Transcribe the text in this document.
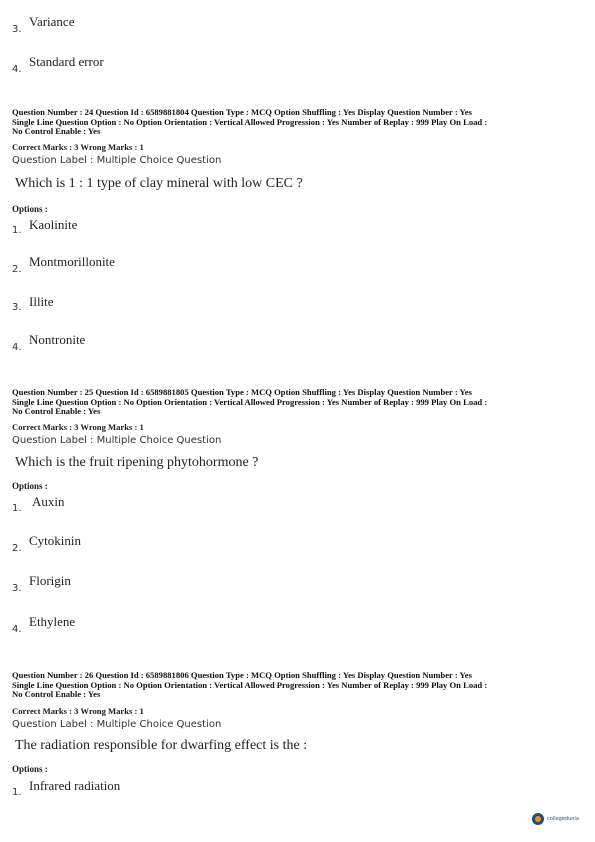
3.
Variance
4.
Standard error
Question Number : 24 Question Id : 6589881804 Question Type : MCQ Option Shuffling : Yes Display Question Number : Yes
Single Line Question Option : No Option Orientation : Vertical Allowed Progression : Yes Number of Replay : 999 Play On Load :
No Control Enable : Yes
Correct Marks : 3 Wrong Marks : 1
Question Label : Multiple Choice Question
Which is 1 : 1 type of clay mineral with low CEC ?
Options :
1. Kaolinite
2.
Montmorillonite
3. Illite
4.
Nontronite
Question Number : 25 Question Id : 6589881805 Question Type : MCQ Option Shuffling : Yes Display Question Number : Yes
Single Line Question Option : No Option Orientation : Vertical Allowed Progression : Yes Number of Replay : 999 Play On Load :
No Control Enable : Yes
Correct Marks : 3 Wrong Marks : 1
Question Label : Multiple Choice Question
Which is the fruit ripening phytohormone ?
Options :
1. Auxin
2.
Cytokinin
3.
Florigin
4.
Ethylene
Question Number : 26 Question Id : 6589881806 Question Type : MCQ Option Shuffling : Yes Display Question Number : Yes
Single Line Question Option : No Option Orientation : Vertical Allowed Progression : Yes Number of Replay : 999 Play On Load :
No Control Enable : Yes
Correct Marks : 3 Wrong Marks : 1
Question Label : Multiple Choice Question
The radiation responsible for dwarfing effect is the :
Options :
1. Infrared radiation
collegedunia
